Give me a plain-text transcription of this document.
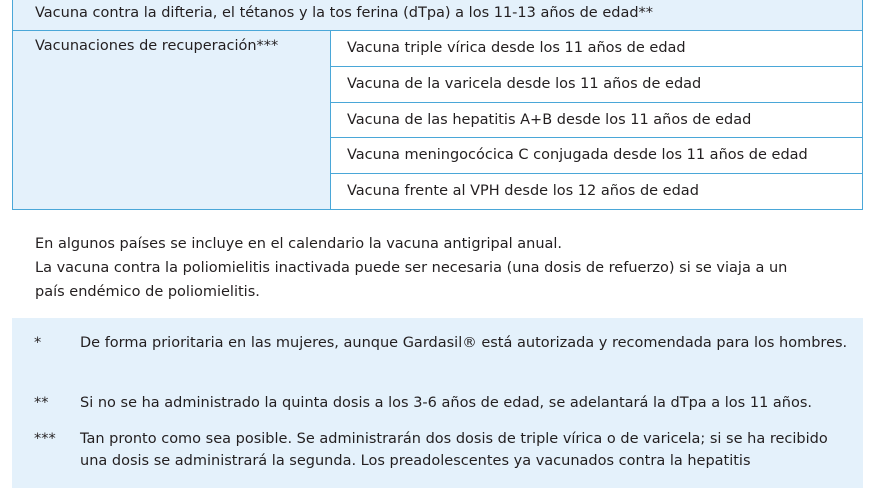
Vacuna contra la difteria, el tétanos y la tos ferina (dTpa) a los 11-13 años de edad**
Vacunaciones de recuperación***	Vacuna triple vírica desde los 11 años de edad
Vacuna de la varicela desde los 11 años de edad
Vacuna de las hepatitis A+B desde los 11 años de edad
Vacuna meningocócica C conjugada desde los 11 años de edad
Vacuna frente al VPH desde los 12 años de edad
En algunos países se incluye en el calendario la vacuna antigripal anual.
La vacuna contra la poliomielitis inactivada puede ser necesaria (una dosis de refuerzo) si se viaja a un
país endémico de poliomielitis.
*	De forma prioritaria en las mujeres, aunque Gardasil® está autorizada y recomendada para los hombres.
** Si no se ha administrado la quinta dosis a los 3-6 años de edad, se adelantará la dTpa a los 11 años.
*** Tan pronto como sea posible. Se administrarán dos dosis de triple vírica o de varicela; si se ha recibido una dosis se administrará la segunda. Los preadolescentes ya vacunados contra la hepatitis
